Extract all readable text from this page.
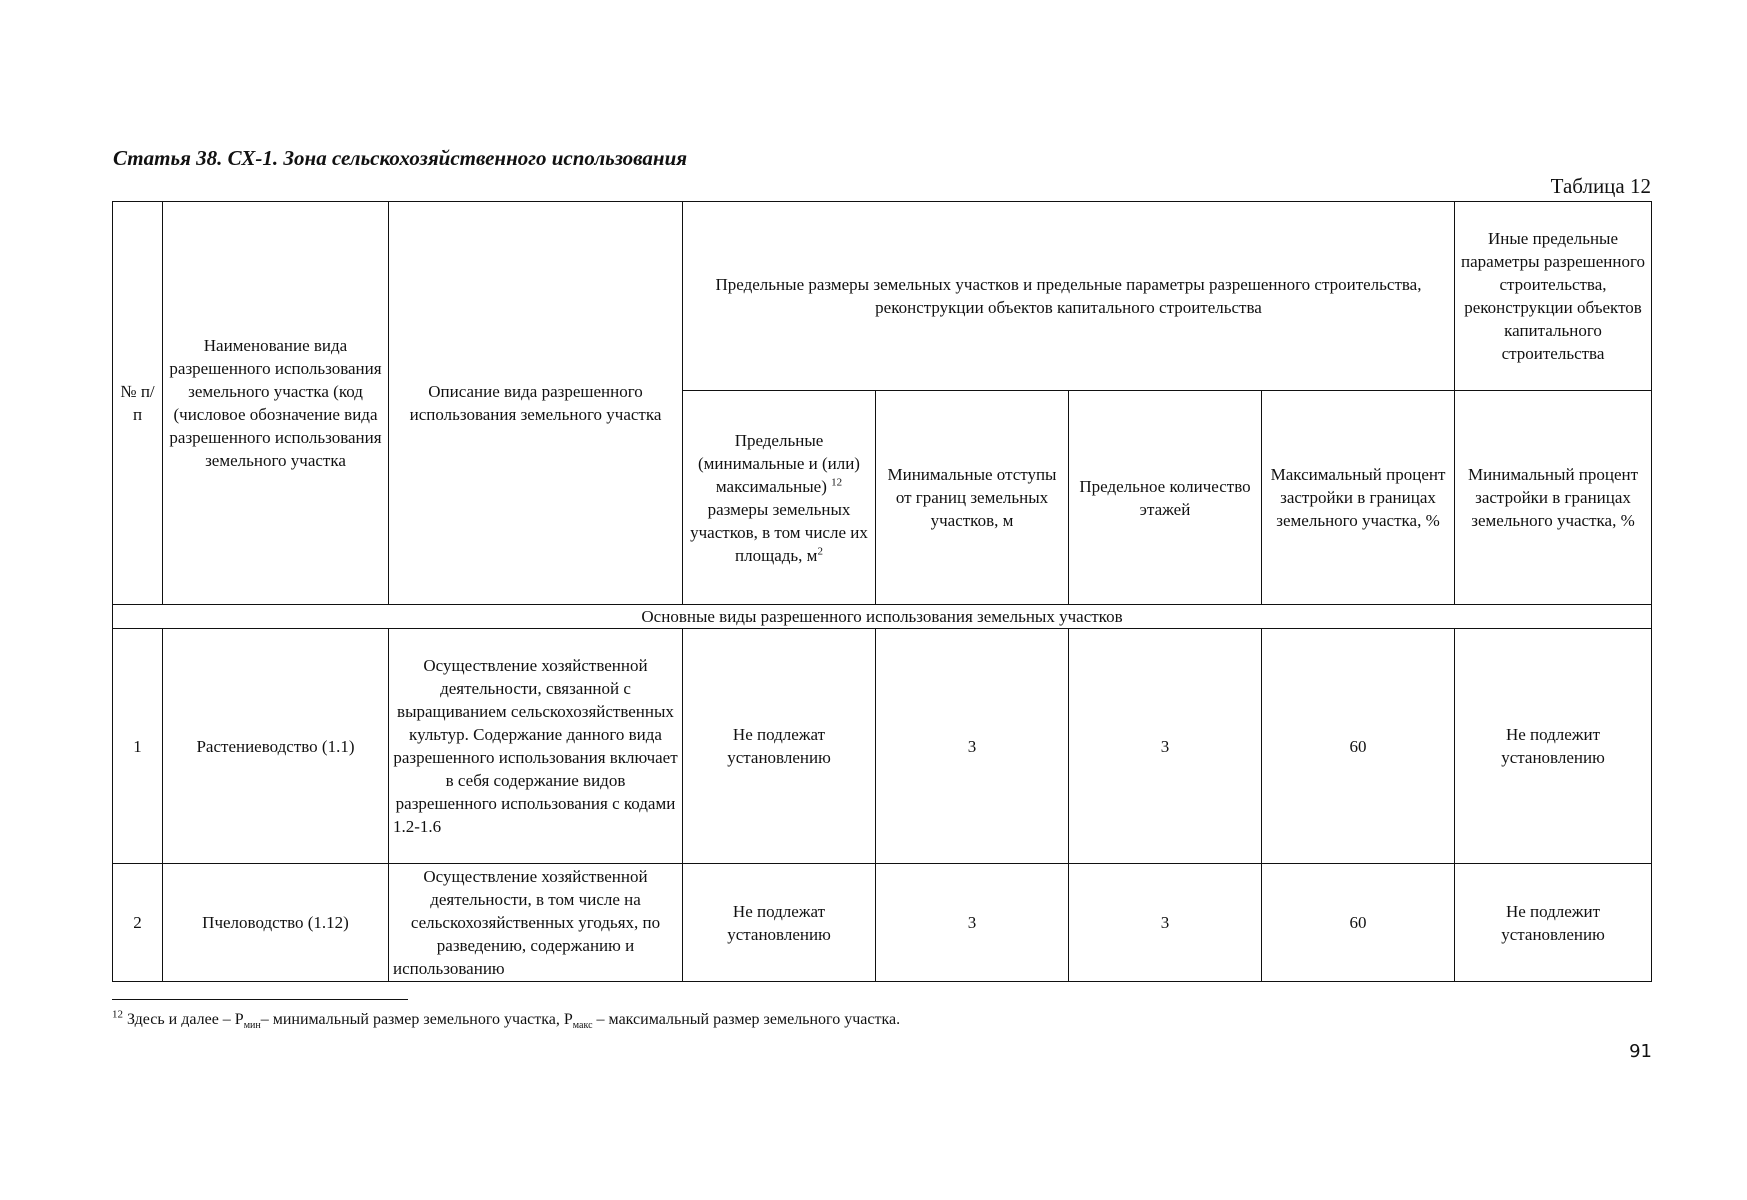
Статья 38. СХ-1. Зона сельскохозяйственного использования
Таблица 12
№ п/п	Наименование вида разрешенного использования земельного участка (код (числовое обозначение вида разрешенного использования земельного участка	Описание вида разрешенного использования земельного участка	Предельные размеры земельных участков и предельные параметры разрешенного строительства, реконструкции объектов капитального строительства				Иные предельные параметры разрешенного строительства, реконструкции объектов капитального строительства
			Предельные (минимальные и (или) максимальные) $^{12}$ размеры земельных участков, в том числе их площадь, $м^2$	Минимальные отступы от границ земельных участков, м	Предельное количество этажей	Максимальный процент застройки в границах земельного участка, %	Минимальный процент застройки в границах земельного участка, %
Основные виды разрешенного использования земельных участков							
1	Растениеводство (1.1)	Осуществление хозяйственной деятельности, связанной с выращиванием сельскохозяйственных культур. Содержание данного вида разрешенного использования включает в себя содержание видов разрешенного использования с кодами 1.2-1.6	Не подлежат установлению	3	3	60	Не подлежит установлению
2	Пчеловодство (1.12)	Осуществление хозяйственной деятельности, в том числе на сельскохозяйственных угодьях, по разведению, содержанию и использованию	Не подлежат установлению	3	3	60	Не подлежит установлению
$^{12}$ Здесь и далее – $Р_{мин}-$ минимальный размер земельного участка, $Р_{макс}$ – максимальный размер земельного участка.
91
